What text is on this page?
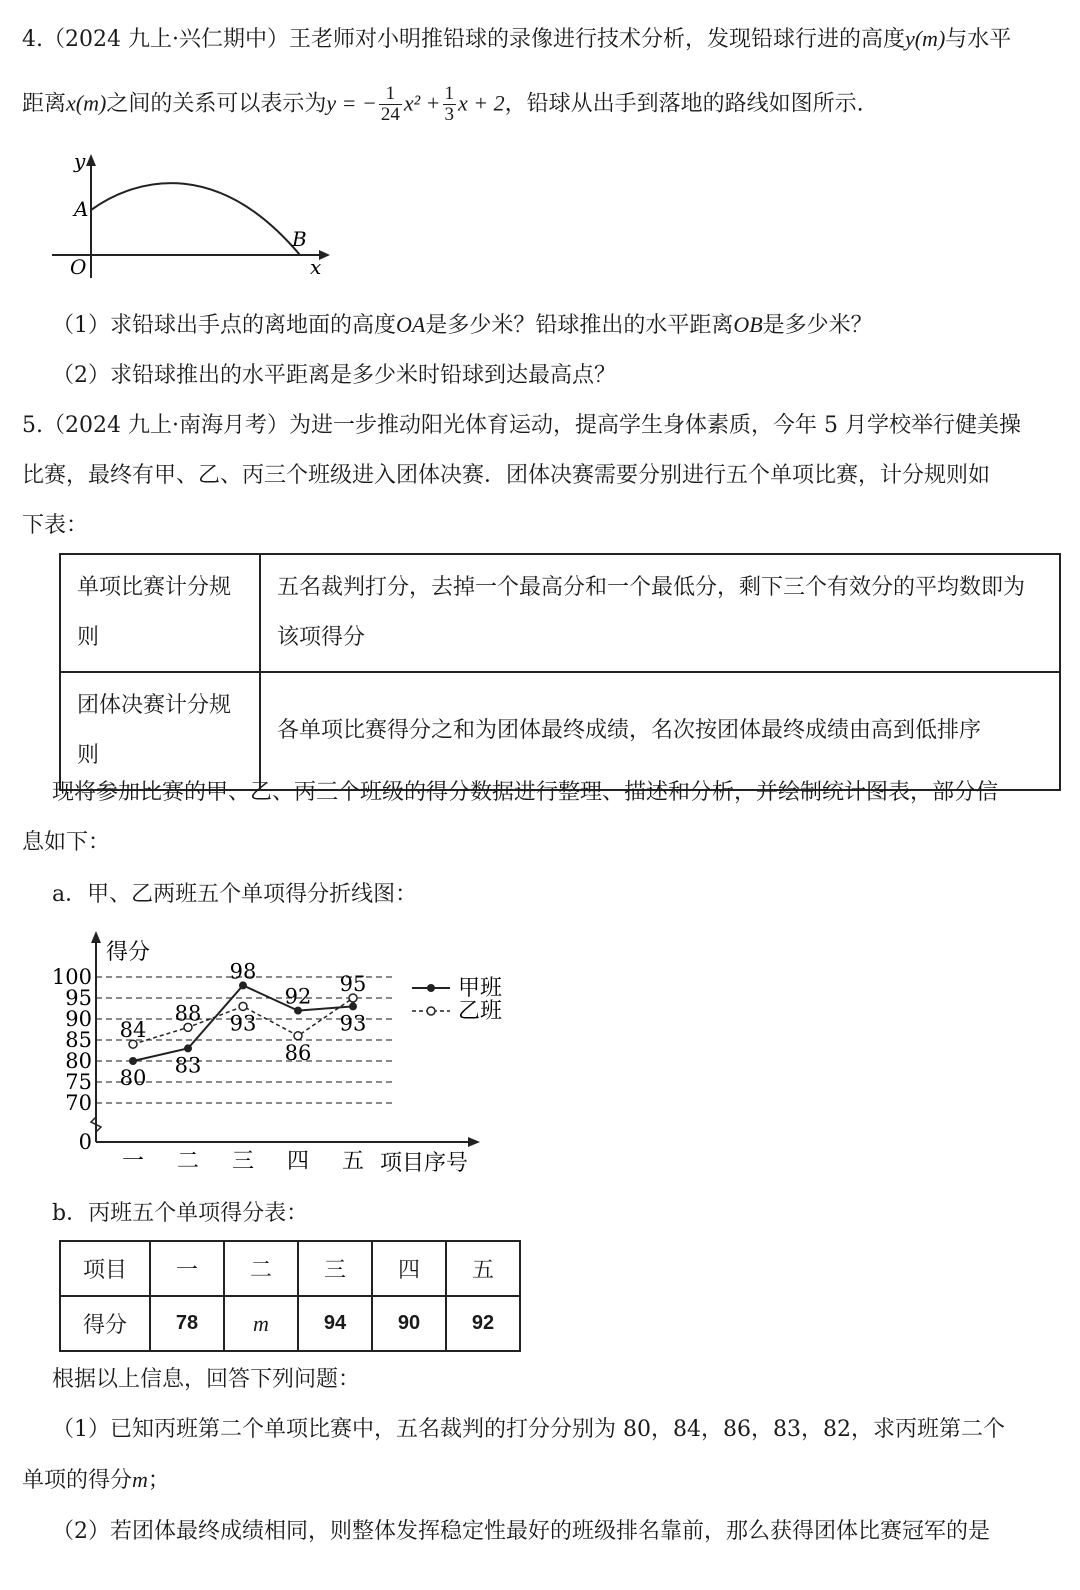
4.（2024 九上·兴仁期中）王老师对小明推铅球的录像进行技术分析，发现铅球行进的高度y(m)与水平
距离x(m)之间的关系可以表示为y = − $\frac{1}{24} x^2 + \frac{1}{3}$ x + 2，铅球从出手到落地的路线如图所示.
y
A
O
B
x
（1）求铅球出手点的离地面的高度OA是多少米？铅球推出的水平距离OB是多少米？
（2）求铅球推出的水平距离是多少米时铅球到达最高点？
5.（2024 九上·南海月考）为进一步推动阳光体育运动，提高学生身体素质，今年 5 月学校举行健美操
比赛，最终有甲、乙、丙三个班级进入团体决赛．团体决赛需要分别进行五个单项比赛，计分规则如
下表：
单项比赛计分规则	五名裁判打分，去掉一个最高分和一个最低分，剩下三个有效分的平均数即为该项得分
团体决赛计分规则	各单项比赛得分之和为团体最终成绩，名次按团体最终成绩由高到低排序
现将参加比赛的甲、乙、丙三个班级的得分数据进行整理、描述和分析，并绘制统计图表，部分信
息如下：
a．甲、乙两班五个单项得分折线图：
0
70
75
80
85
90
95
100
得分
项目序号
一 二 三 四 五
80
83
98
92
93
84
88 93
86
95	甲班
乙班
b．丙班五个单项得分表：
项目	一	二	三	四	五
得分	78	m	94	90	92
根据以上信息，回答下列问题：
（1）已知丙班第二个单项比赛中，五名裁判的打分分别为 80，84，86，83，82，求丙班第二个
单项的得分m；
（2）若团体最终成绩相同，则整体发挥稳定性最好的班级排名靠前，那么获得团体比赛冠军的是
